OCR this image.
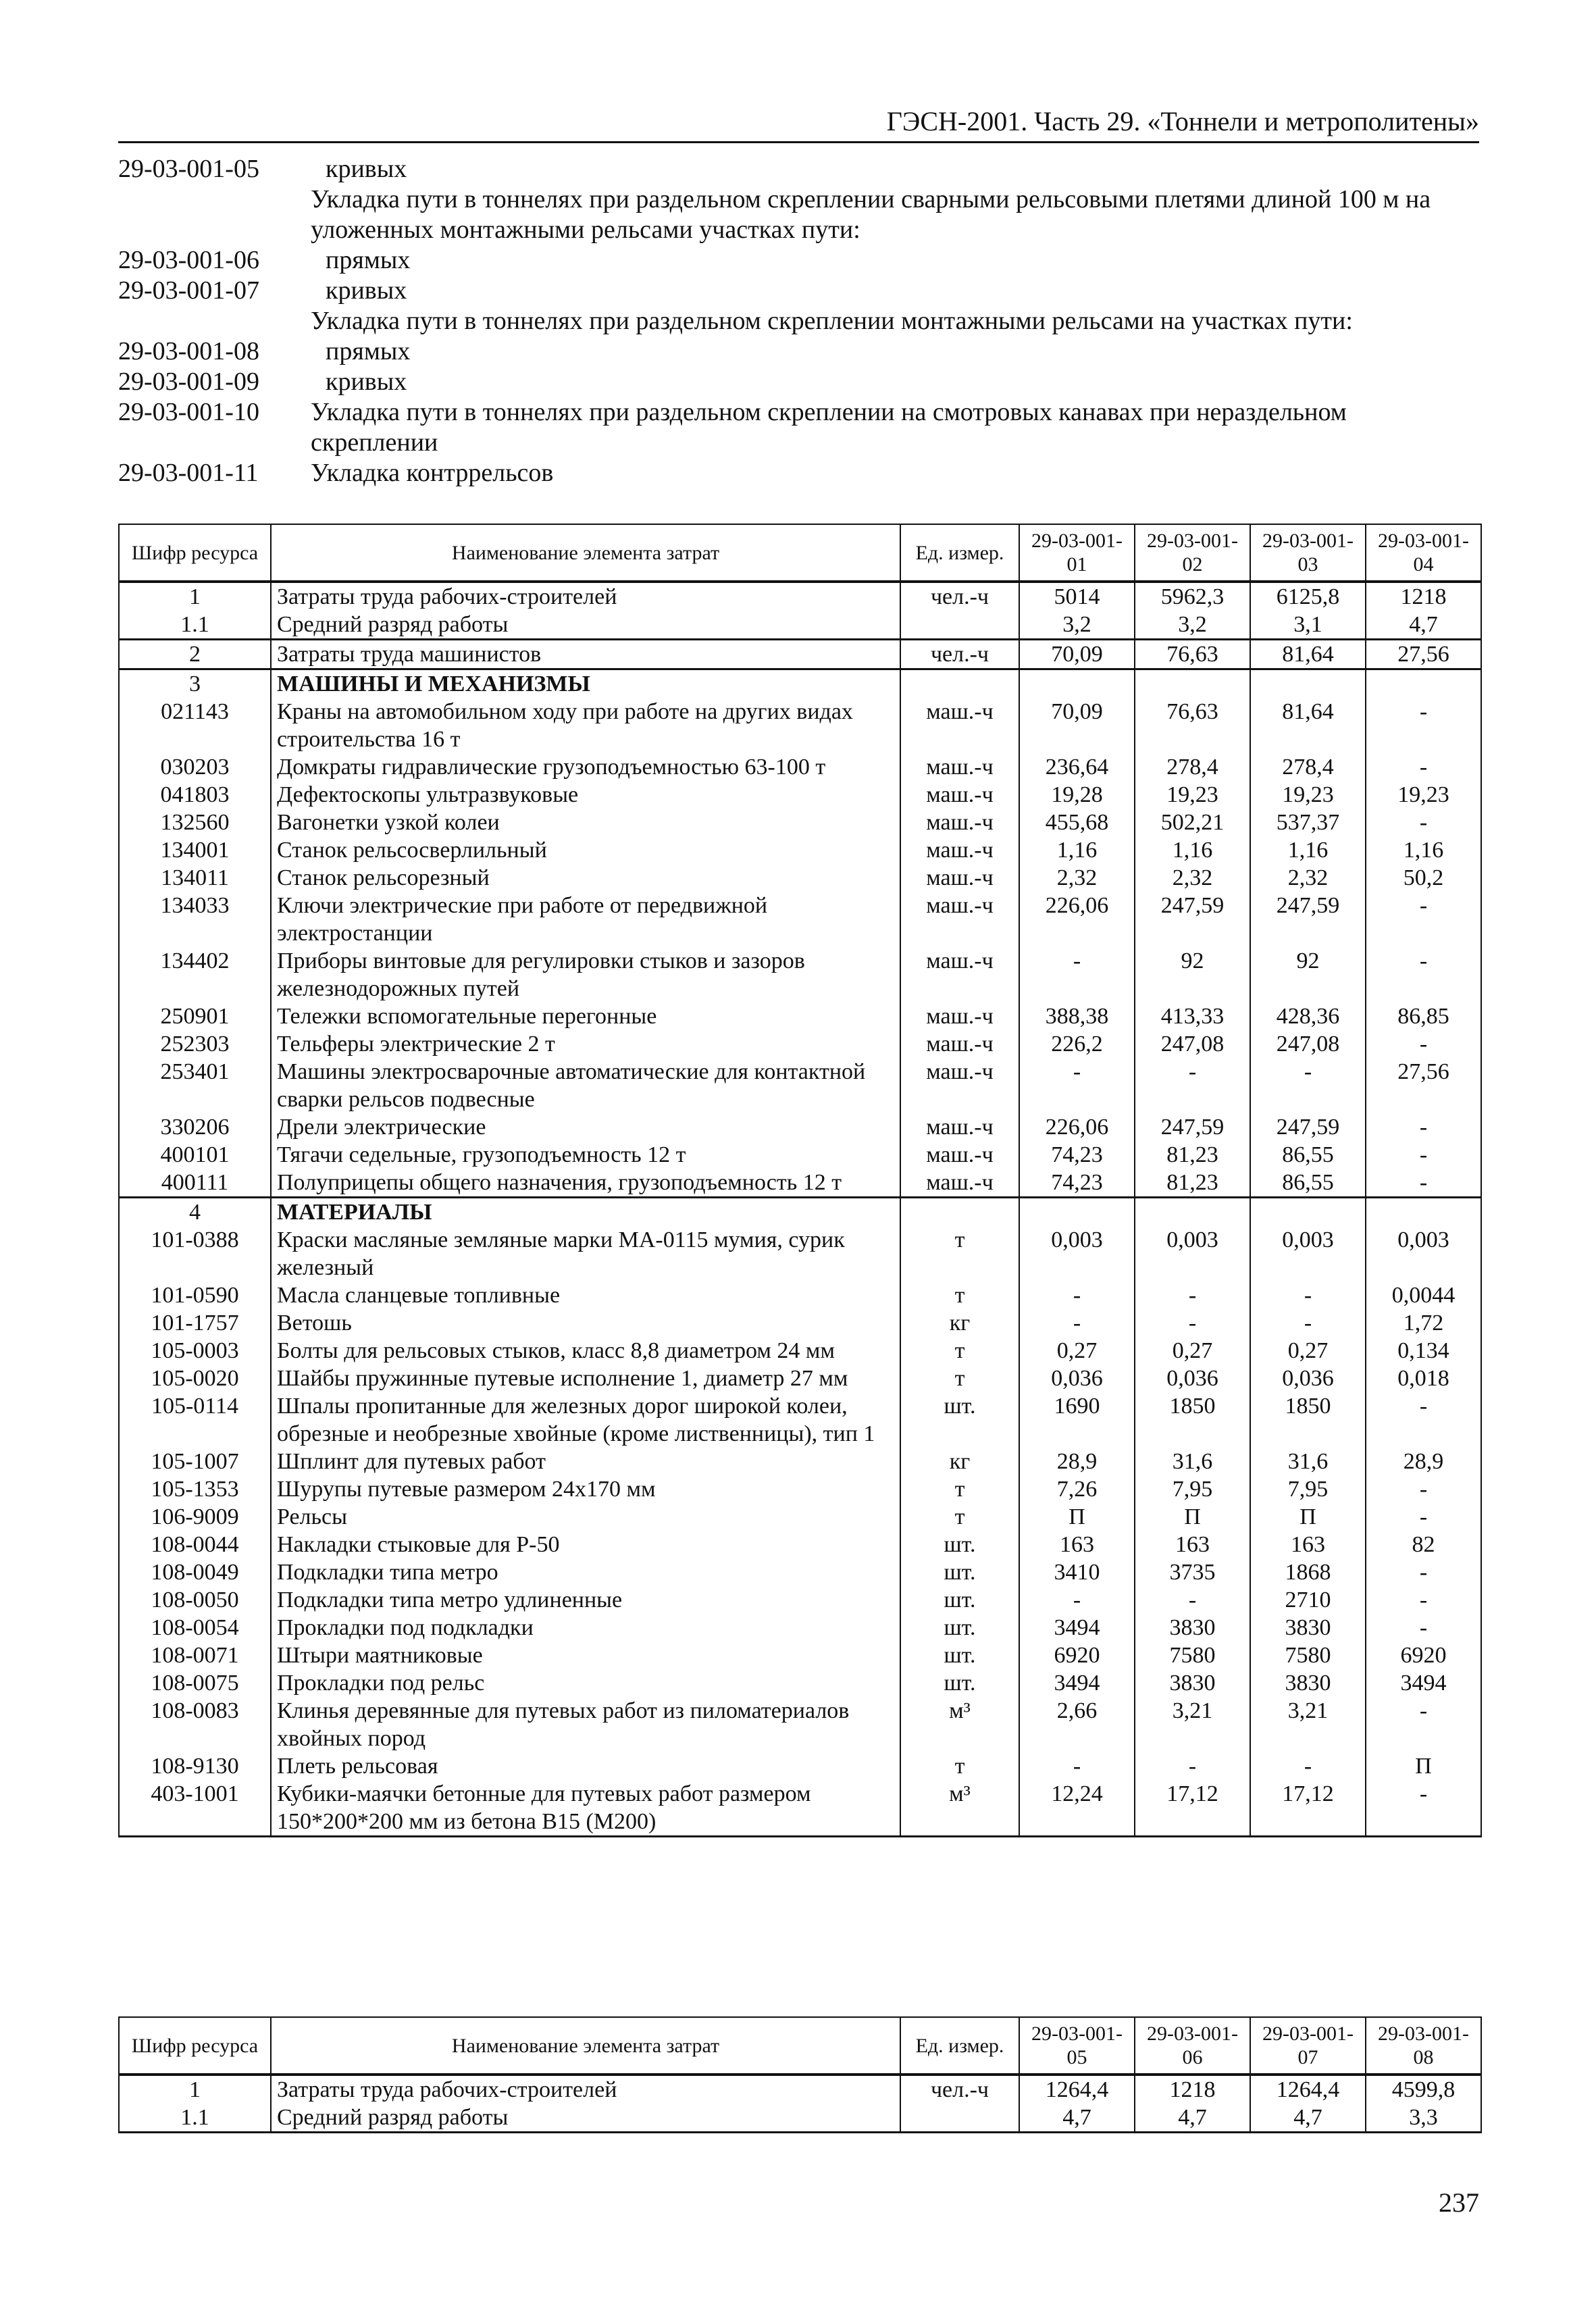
ГЭСН-2001. Часть 29. «Тоннели и метрополитены»
29-03-001-05	кривых
Укладка пути в тоннелях при раздельном скреплении сварными рельсовыми плетями длиной 100 м на уложенных монтажными рельсами участках пути:
29-03-001-06	прямых
29-03-001-07	кривых
Укладка пути в тоннелях при раздельном скреплении монтажными рельсами на участках пути:
29-03-001-08	прямых
29-03-001-09	кривых
29-03-001-10	Укладка пути в тоннелях при раздельном скреплении на смотровых канавах при нераздельном скреплении
29-03-001-11	Укладка контррельсов
Шифр ресурса	Наименование элемента затрат	Ед. измер.	29-03-001-01	29-03-001-02	29-03-001-03	29-03-001-04
1	Затраты труда рабочих-строителей	чел.-ч	5014	5962,3	6125,8	1218
1.1	Средний разряд работы		3,2	3,2	3,1	4,7
2	Затраты труда машинистов	чел.-ч	70,09	76,63	81,64	27,56
3	МАШИНЫ И МЕХАНИЗМЫ					
021143	Краны на автомобильном ходу при работе на других видах строительства 16 т	маш.-ч	70,09	76,63	81,64	-
030203	Домкраты гидравлические грузоподъемностью 63-100 т	маш.-ч	236,64	278,4	278,4	-
041803	Дефектоскопы ультразвуковые	маш.-ч	19,28	19,23	19,23	19,23
132560	Вагонетки узкой колеи	маш.-ч	455,68	502,21	537,37	-
134001	Станок рельсосверлильный	маш.-ч	1,16	1,16	1,16	1,16
134011	Станок рельсорезный	маш.-ч	2,32	2,32	2,32	50,2
134033	Ключи электрические при работе от передвижной электростанции	маш.-ч	226,06	247,59	247,59	-
134402	Приборы винтовые для регулировки стыков и зазоров железнодорожных путей	маш.-ч	-	92	92	-
250901	Тележки вспомогательные перегонные	маш.-ч	388,38	413,33	428,36	86,85
252303	Тельферы электрические 2 т	маш.-ч	226,2	247,08	247,08	-
253401	Машины электросварочные автоматические для контактной сварки рельсов подвесные	маш.-ч	-	-	-	27,56
330206	Дрели электрические	маш.-ч	226,06	247,59	247,59	-
400101	Тягачи седельные, грузоподъемность 12 т	маш.-ч	74,23	81,23	86,55	-
400111	Полуприцепы общего назначения, грузоподъемность 12 т	маш.-ч	74,23	81,23	86,55	-
4	МАТЕРИАЛЫ					
101-0388	Краски масляные земляные марки МА-0115 мумия, сурик железный	т	0,003	0,003	0,003	0,003
101-0590	Масла сланцевые топливные	т	-	-	-	0,0044
101-1757	Ветошь	кг	-	-	-	1,72
105-0003	Болты для рельсовых стыков, класс 8,8 диаметром 24 мм	т	0,27	0,27	0,27	0,134
105-0020	Шайбы пружинные путевые исполнение 1, диаметр 27 мм	т	0,036	0,036	0,036	0,018
105-0114	Шпалы пропитанные для железных дорог широкой колеи, обрезные и необрезные хвойные (кроме лиственницы), тип 1	шт.	1690	1850	1850	-
105-1007	Шплинт для путевых работ	кг	28,9	31,6	31,6	28,9
105-1353	Шурупы путевые размером 24х170 мм	т	7,26	7,95	7,95	-
106-9009	Рельсы	т	П	П	П	-
108-0044	Накладки стыковые для Р-50	шт.	163	163	163	82
108-0049	Подкладки типа метро	шт.	3410	3735	1868	-
108-0050	Подкладки типа метро удлиненные	шт.	-	-	2710	-
108-0054	Прокладки под подкладки	шт.	3494	3830	3830	-
108-0071	Штыри маятниковые	шт.	6920	7580	7580	6920
108-0075	Прокладки под рельс	шт.	3494	3830	3830	3494
108-0083	Клинья деревянные для путевых работ из пиломатериалов хвойных пород	м³	2,66	3,21	3,21	-
108-9130	Плеть рельсовая	т	-	-	-	П
403-1001	Кубики-маячки бетонные для путевых работ размером 150*200*200 мм из бетона В15 (М200)	м³	12,24	17,12	17,12	-
Шифр ресурса	Наименование элемента затрат	Ед. измер.	29-03-001-05	29-03-001-06	29-03-001-07	29-03-001-08
1	Затраты труда рабочих-строителей	чел.-ч	1264,4	1218	1264,4	4599,8
1.1	Средний разряд работы		4,7	4,7	4,7	3,3
237
